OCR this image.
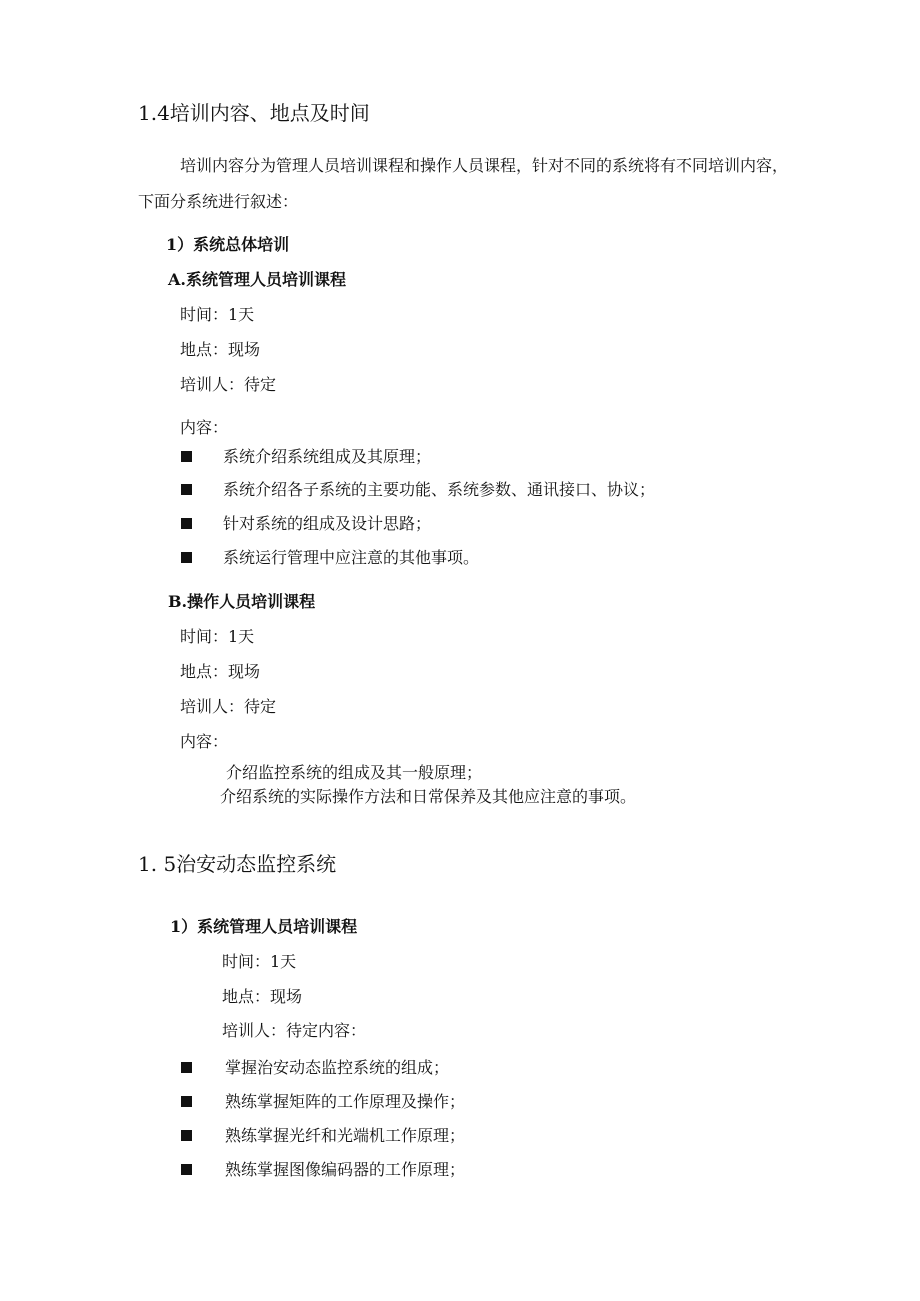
1.4培训内容、地点及时间
培训内容分为管理人员培训课程和操作人员课程，针对不同的系统将有不同培训内容，
下面分系统进行叙述：
1）系统总体培训
A.系统管理人员培训课程
时间：1天
地点：现场
培训人：待定
内容：
系统介绍系统组成及其原理；
系统介绍各子系统的主要功能、系统参数、通讯接口、协议；
针对系统的组成及设计思路；
系统运行管理中应注意的其他事项。
B.操作人员培训课程
时间：1天
地点：现场
培训人：待定
内容：
介绍监控系统的组成及其一般原理；
介绍系统的实际操作方法和日常保养及其他应注意的事项。
1. 5治安动态监控系统
1）系统管理人员培训课程
时间：1天
地点：现场
培训人：待定内容：
掌握治安动态监控系统的组成；
熟练掌握矩阵的工作原理及操作；
熟练掌握光纤和光端机工作原理；
熟练掌握图像编码器的工作原理；
